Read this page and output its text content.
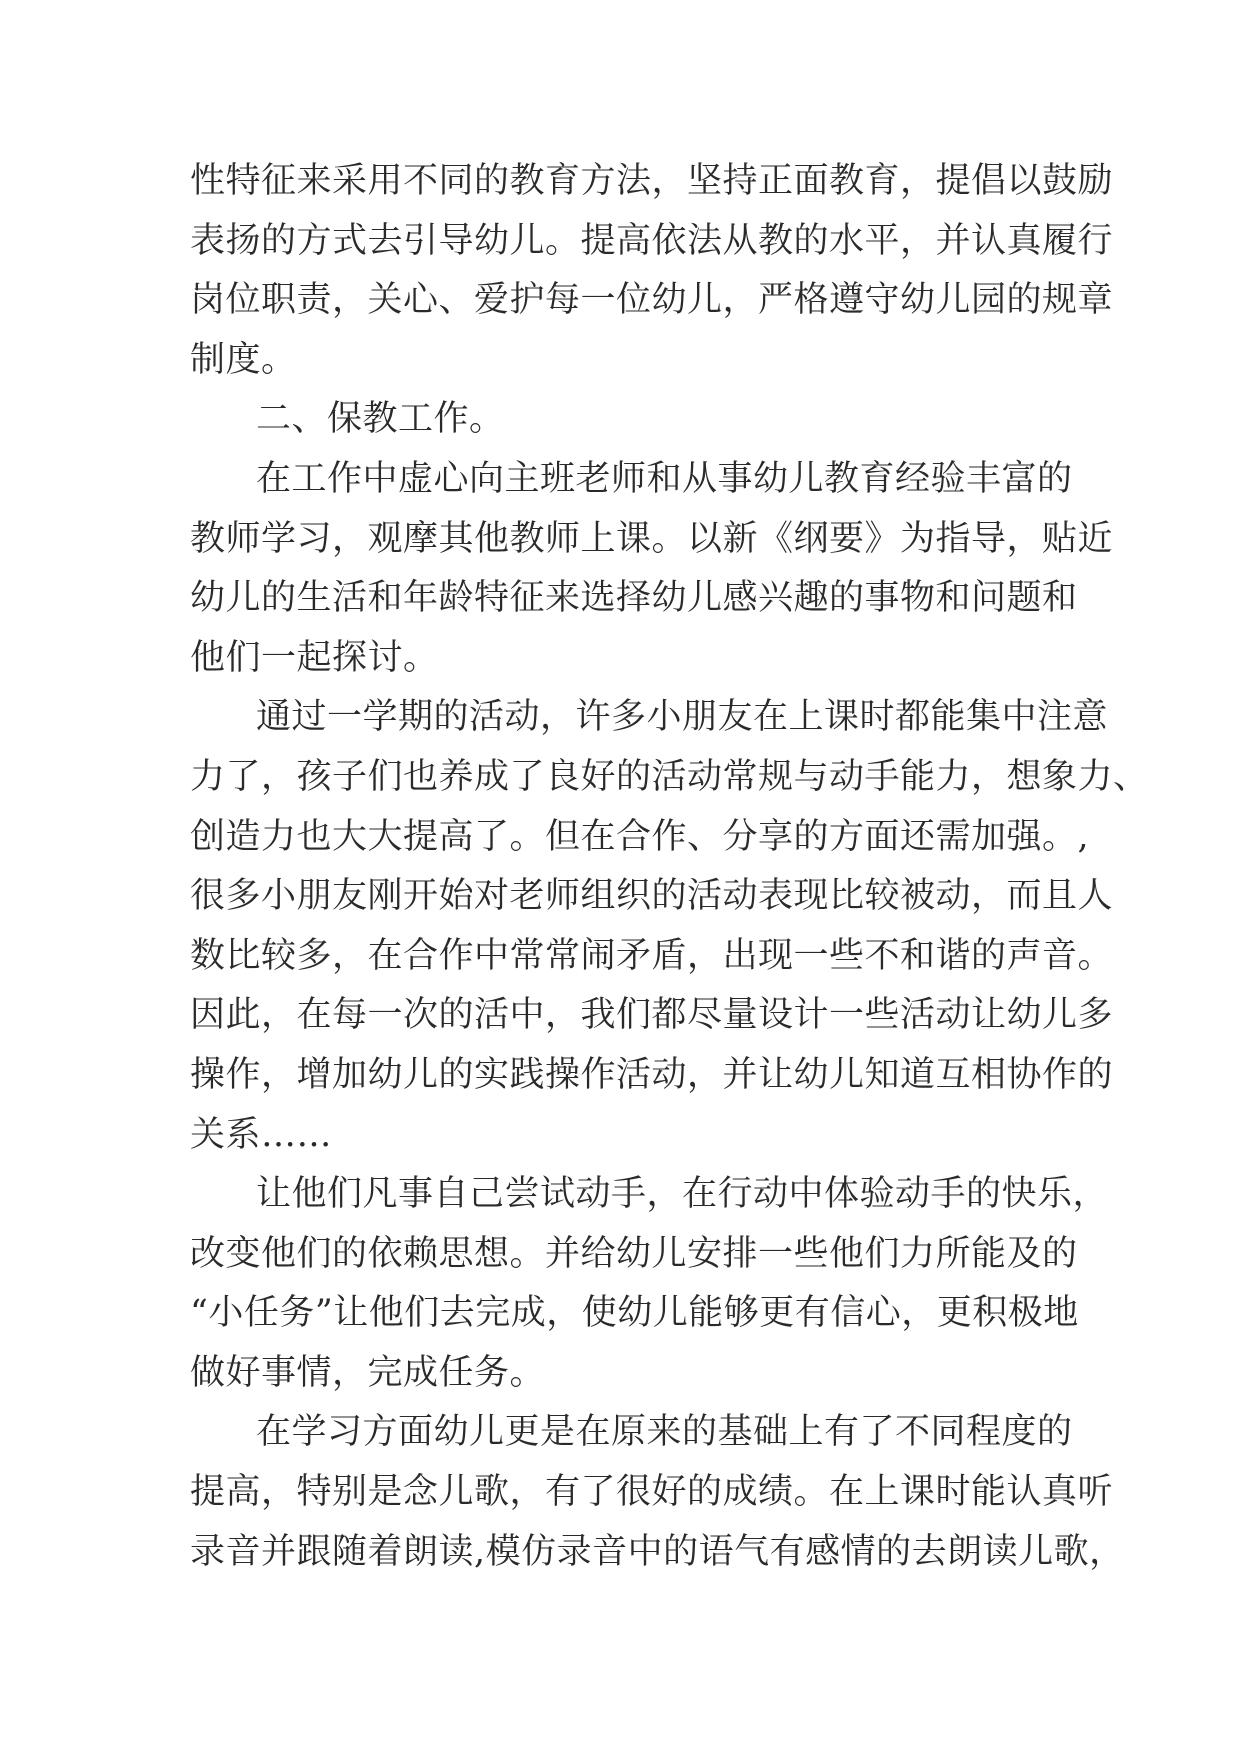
性特征来采用不同的教育方法，坚持正面教育，提倡以鼓励
表扬的方式去引导幼儿。提高依法从教的水平，并认真履行
岗位职责，关心、爱护每一位幼儿，严格遵守幼儿园的规章
制度。
二、保教工作。
在工作中虚心向主班老师和从事幼儿教育经验丰富的
教师学习，观摩其他教师上课。以新《纲要》为指导，贴近
幼儿的生活和年龄特征来选择幼儿感兴趣的事物和问题和
他们一起探讨。
通过一学期的活动，许多小朋友在上课时都能集中注意
力了，孩子们也养成了良好的活动常规与动手能力，想象力、
创造力也大大提高了。但在合作、分享的方面还需加强。,
很多小朋友刚开始对老师组织的活动表现比较被动，而且人
数比较多，在合作中常常闹矛盾，出现一些不和谐的声音。
因此，在每一次的活中，我们都尽量设计一些活动让幼儿多
操作，增加幼儿的实践操作活动，并让幼儿知道互相协作的
关系……
让他们凡事自己尝试动手，在行动中体验动手的快乐，
改变他们的依赖思想。并给幼儿安排一些他们力所能及的
“小任务”让他们去完成，使幼儿能够更有信心，更积极地
做好事情，完成任务。
在学习方面幼儿更是在原来的基础上有了不同程度的
提高，特别是念儿歌，有了很好的成绩。在上课时能认真听
录音并跟随着朗读,模仿录音中的语气有感情的去朗读儿歌，
